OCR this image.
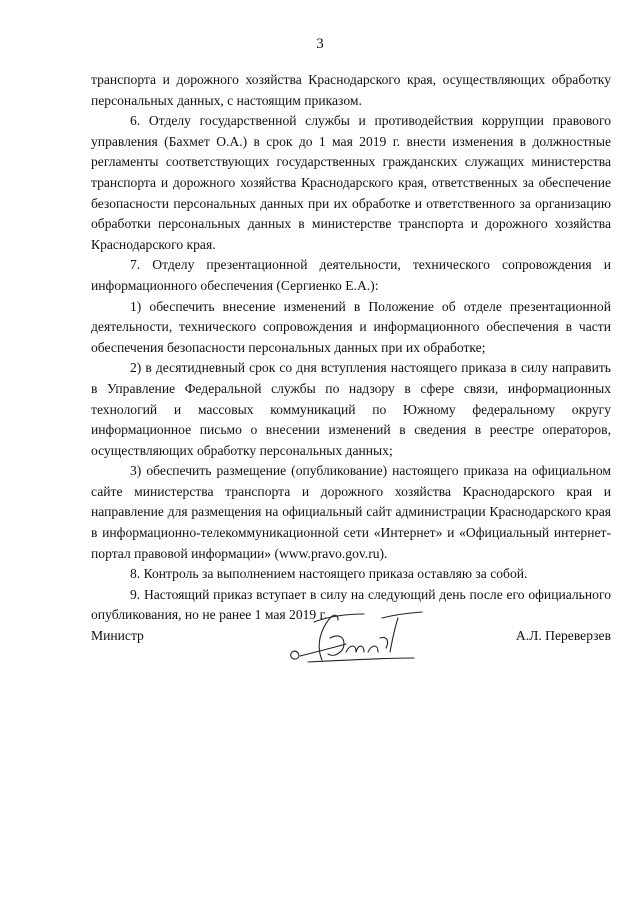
3

транспорта и дорожного хозяйства Краснодарского края, осуществляющих обработку персональных данных, с настоящим приказом.

6. Отделу государственной службы и противодействия коррупции правового управления (Бахмет О.А.) в срок до 1 мая 2019 г. внести изменения в должностные регламенты соответствующих государственных гражданских служащих министерства транспорта и дорожного хозяйства Краснодарского края, ответственных за обеспечение безопасности персональных данных при их обработке и ответственного за организацию обработки персональных данных в министерстве транспорта и дорожного хозяйства Краснодарского края.

7. Отделу презентационной деятельности, технического сопровождения и информационного обеспечения (Сергиенко Е.А.):

1) обеспечить внесение изменений в Положение об отделе презентационной деятельности, технического сопровождения и информационного обеспечения в части обеспечения безопасности персональных данных при их обработке;

2) в десятидневный срок со дня вступления настоящего приказа в силу направить в Управление Федеральной службы по надзору в сфере связи, информационных технологий и массовых коммуникаций по Южному федеральному округу информационное письмо о внесении изменений в сведения в реестре операторов, осуществляющих обработку персональных данных;

3) обеспечить размещение (опубликование) настоящего приказа на официальном сайте министерства транспорта и дорожного хозяйства Краснодарского края и направление для размещения на официальный сайт администрации Краснодарского края в информационно-телекоммуникационной сети «Интернет» и «Официальный интернет-портал правовой информации» (www.pravo.gov.ru).

8. Контроль за выполнением настоящего приказа оставляю за собой.

9. Настоящий приказ вступает в силу на следующий день после его официального опубликования, но не ранее 1 мая 2019 г.

Министр	А.Л. Переверзев
